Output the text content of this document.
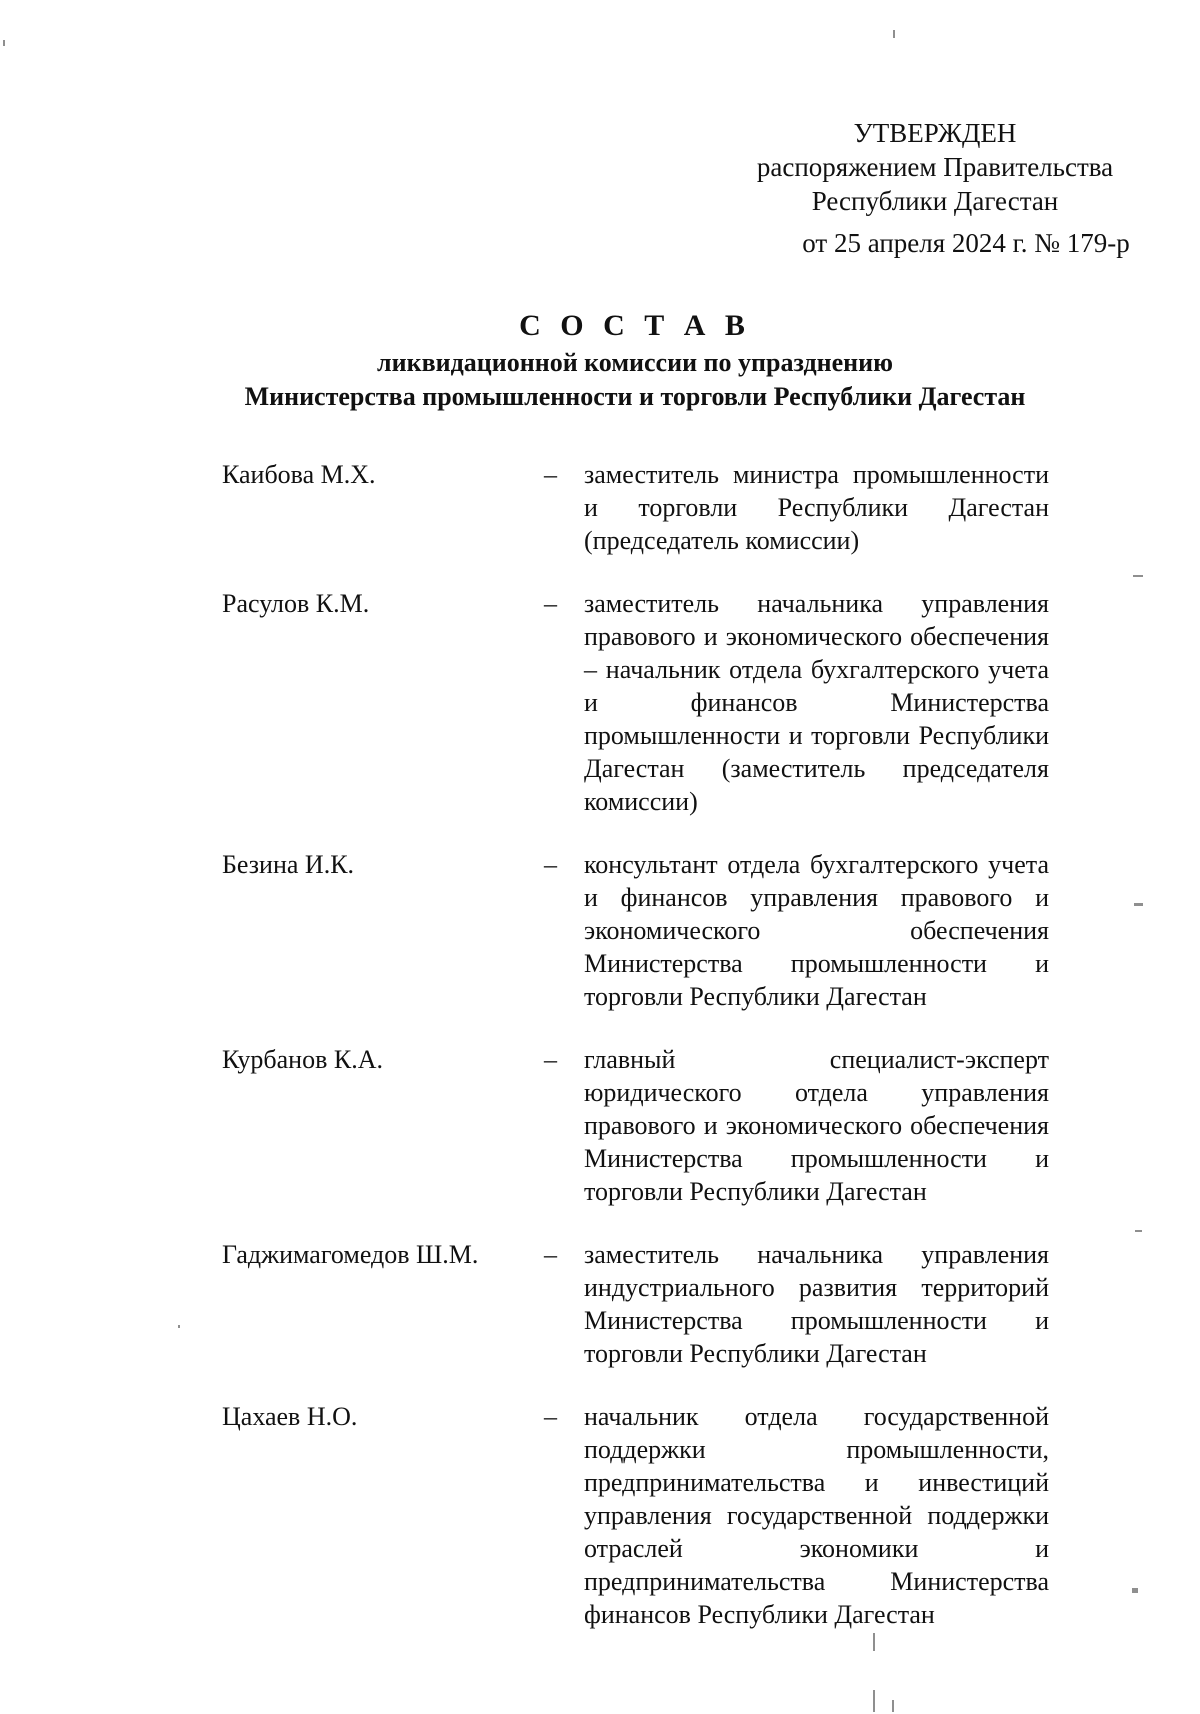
УТВЕРЖДЕН
распоряжением Правительства
Республики Дагестан
от 25 апреля 2024 г. № 179-р
С О С Т А В
ликвидационной комиссии по упразднению
Министерства промышленности и торговли Республики Дагестан
Каибова М.Х.	–	заместитель министра промышленности и торговли Республики Дагестан (председатель комиссии)
Расулов К.М.	–	заместитель начальника управления правового и экономического обеспечения – начальник отдела бухгалтерского учета и финансов Министерства промышленности и торговли Республики Дагестан (заместитель председателя комиссии)
Безина И.К.	–	консультант отдела бухгалтерского учета и финансов управления правового и экономического обеспечения Министерства промышленности и торговли Республики Дагестан
Курбанов К.А.	–	главный специалист-эксперт юридического отдела управления правового и экономического обеспечения Министерства промышленности и торговли Республики Дагестан
Гаджимагомедов Ш.М.	–	заместитель начальника управления индустриального развития территорий Министерства промышленности и торговли Республики Дагестан
Цахаев Н.О.	–	начальник отдела государственной поддержки промышленности, предпринимательства и инвестиций управления государственной поддержки отраслей экономики и предпринимательства Министерства финансов Республики Дагестан
